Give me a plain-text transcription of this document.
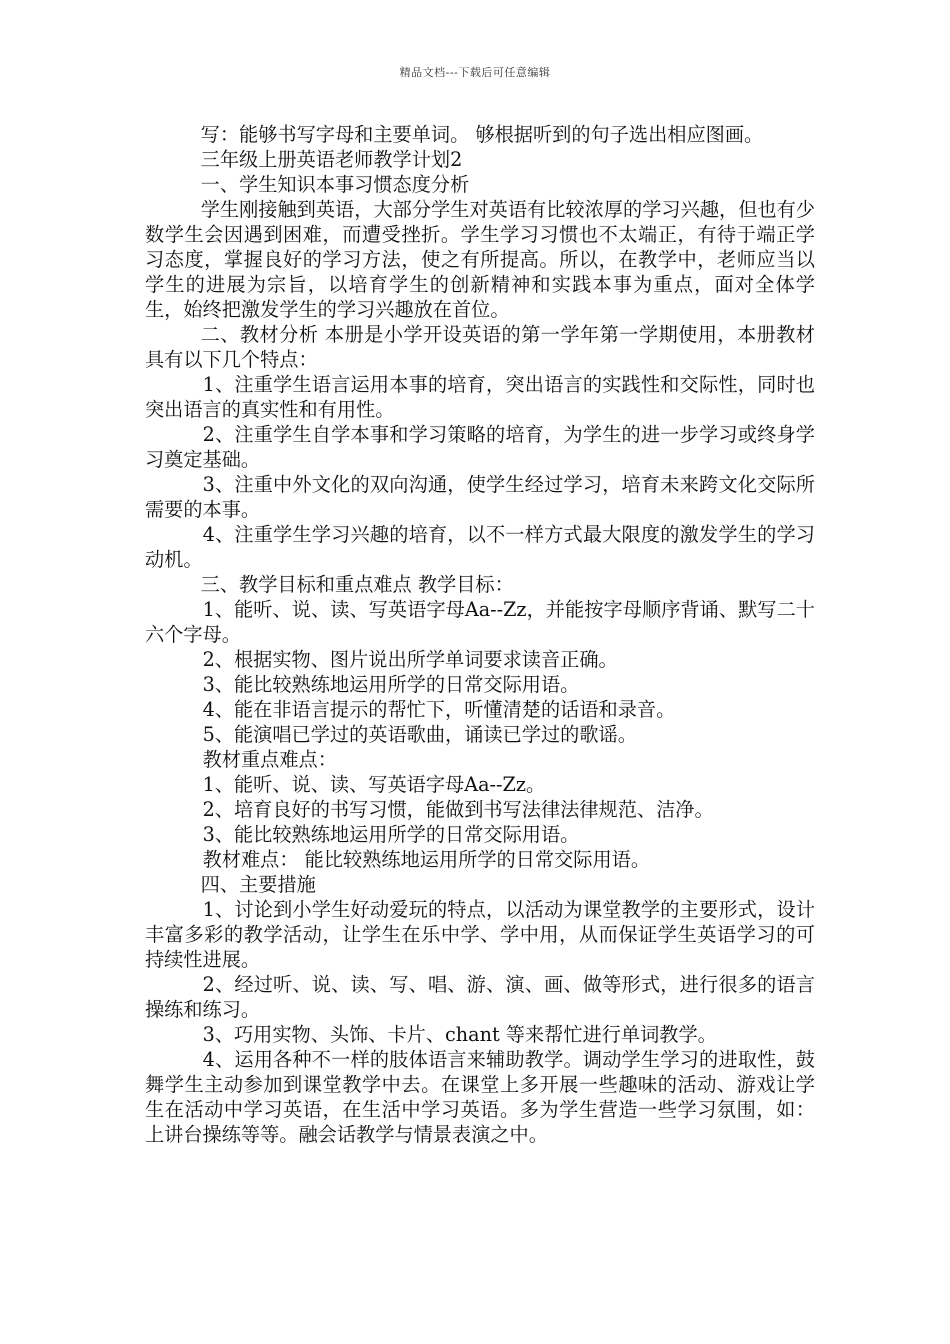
精品文档---下载后可任意编辑

写：能够书写字母和主要单词。 够根据听到的句子选出相应图画。

三年级上册英语老师教学计划2

一、学生知识本事习惯态度分析

学生刚接触到英语，大部分学生对英语有比较浓厚的学习兴趣，但也有少数学生会因遇到困难，而遭受挫折。学生学习习惯也不太端正，有待于端正学习态度，掌握良好的学习方法，使之有所提高。所以，在教学中，老师应当以学生的进展为宗旨，以培育学生的创新精神和实践本事为重点，面对全体学生，始终把激发学生的学习兴趣放在首位。

二、教材分析 本册是小学开设英语的第一学年第一学期使用，本册教材具有以下几个特点：

1、注重学生语言运用本事的培育，突出语言的实践性和交际性，同时也突出语言的真实性和有用性。

2、注重学生自学本事和学习策略的培育，为学生的进一步学习或终身学习奠定基础。

3、注重中外文化的双向沟通，使学生经过学习，培育未来跨文化交际所需要的本事。

4、注重学生学习兴趣的培育，以不一样方式最大限度的激发学生的学习动机。

三、教学目标和重点难点 教学目标：

1、能听、说、读、写英语字母Aa--Zz，并能按字母顺序背诵、默写二十六个字母。

2、根据实物、图片说出所学单词要求读音正确。

3、能比较熟练地运用所学的日常交际用语。

4、能在非语言提示的帮忙下，听懂清楚的话语和录音。

5、能演唱已学过的英语歌曲，诵读已学过的歌谣。

教材重点难点：

1、能听、说、读、写英语字母Aa--Zz。

2、培育良好的书写习惯，能做到书写法律法律规范、洁净。

3、能比较熟练地运用所学的日常交际用语。

教材难点： 能比较熟练地运用所学的日常交际用语。

四、主要措施

1、讨论到小学生好动爱玩的特点，以活动为课堂教学的主要形式，设计丰富多彩的教学活动，让学生在乐中学、学中用，从而保证学生英语学习的可持续性进展。

2、经过听、说、读、写、唱、游、演、画、做等形式，进行很多的语言操练和练习。

3、巧用实物、头饰、卡片、chant 等来帮忙进行单词教学。

4、运用各种不一样的肢体语言来辅助教学。调动学生学习的进取性，鼓舞学生主动参加到课堂教学中去。在课堂上多开展一些趣味的活动、游戏让学生在活动中学习英语，在生活中学习英语。多为学生营造一些学习氛围，如：上讲台操练等等。融会话教学与情景表演之中。
